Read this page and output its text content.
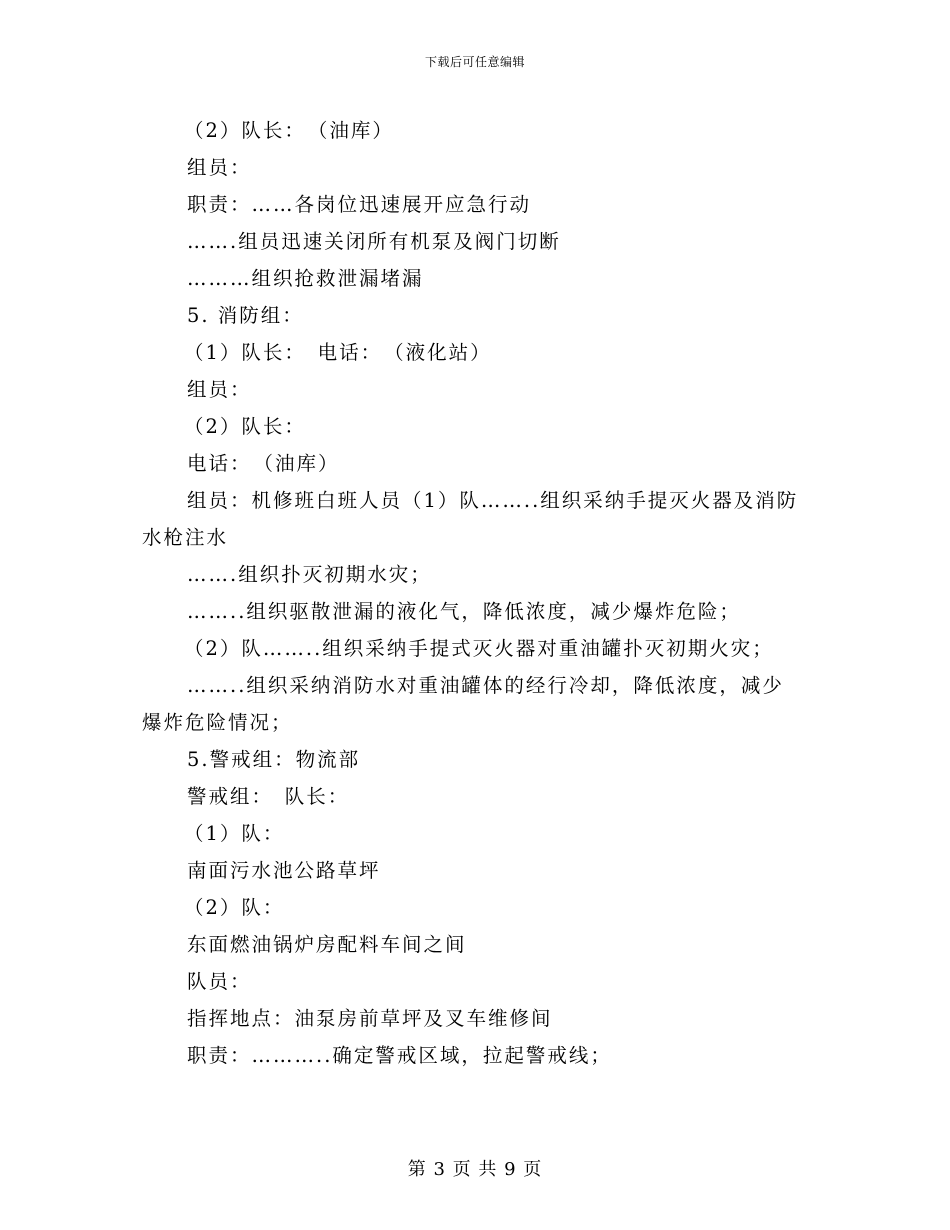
下载后可任意编辑
（2）队长：　（油库）
组员：
职责：……各岗位迅速展开应急行动
…….组员迅速关闭所有机泵及阀门切断
………组织抢救泄漏堵漏
5. 消防组：
（1）队长：　电话：　（液化站）
组员：
（2）队长：
电话：　（油库）
组员：机修班白班人员（1）队……..组织采纳手提灭火器及消防
水枪注水
…….组织扑灭初期水灾；
……..组织驱散泄漏的液化气，降低浓度，减少爆炸危险；
（2）队……..组织采纳手提式灭火器对重油罐扑灭初期火灾；
……..组织采纳消防水对重油罐体的经行冷却，降低浓度，减少
爆炸危险情况；
5.警戒组：物流部
警戒组：　队长：
（1）队：
南面污水池公路草坪
（2）队：
东面燃油锅炉房配料车间之间
队员：
指挥地点：油泵房前草坪及叉车维修间
职责：………..确定警戒区域，拉起警戒线；
第 3 页 共 9 页
